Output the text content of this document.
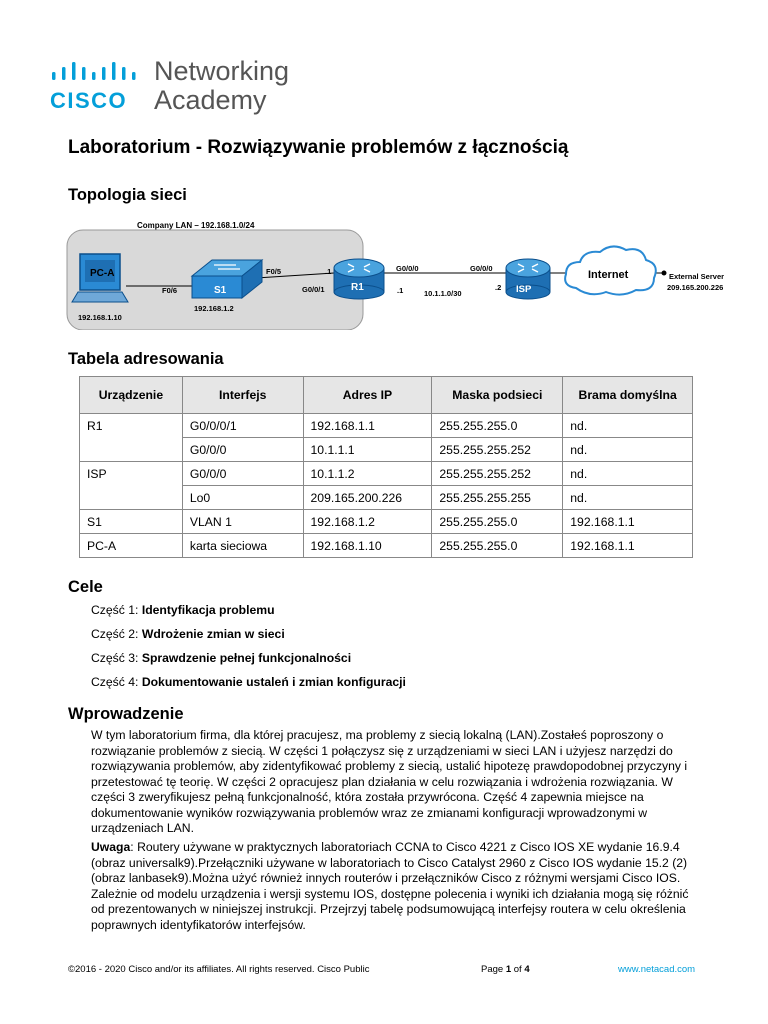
CISCO
Networking
Academy
Laboratorium - Rozwiązywanie problemów z łącznością
Topologia sieci
Company LAN – 192.168.1.0/24
PC-A
192.168.1.10
S1
192.168.1.2
F0/6
F0/5
R1
.1
G0/0/1
G0/0/0
.1	10.1.1.0/30	ISP
G0/0/0
.2
Internet	External Server
209.165.200.226
Tabela adresowania
Urządzenie	Interfejs	Adres IP	Maska podsieci	Brama domyślna
R1	G0/0/0/1	192.168.1.1	255.255.255.0	nd.
	G0/0/0	10.1.1.1	255.255.255.252	nd.
ISP	G0/0/0	10.1.1.2	255.255.255.252	nd.
	Lo0	209.165.200.226	255.255.255.255	nd.
S1	VLAN 1	192.168.1.2	255.255.255.0	192.168.1.1
PC-A	karta sieciowa	192.168.1.10	255.255.255.0	192.168.1.1
Cele
Część 1: Identyfikacja problemu
Część 2: Wdrożenie zmian w sieci
Część 3: Sprawdzenie pełnej funkcjonalności
Część 4: Dokumentowanie ustaleń i zmian konfiguracji
Wprowadzenie

W tym laboratorium firma, dla której pracujesz, ma problemy z siecią lokalną (LAN).Zostałeś poproszony o rozwiązanie problemów z siecią. W części 1 połączysz się z urządzeniami w sieci LAN i użyjesz narzędzi do rozwiązywania problemów, aby zidentyfikować problemy z siecią, ustalić hipotezę prawdopodobnej przyczyny i przetestować tę teorię. W części 2 opracujesz plan działania w celu rozwiązania i wdrożenia rozwiązania. W części 3 zweryfikujesz pełną funkcjonalność, która została przywrócona. Część 4 zapewnia miejsce na dokumentowanie wyników rozwiązywania problemów wraz ze zmianami konfiguracji wprowadzonymi w urządzeniach LAN.

Uwaga: Routery używane w praktycznych laboratoriach CCNA to Cisco 4221 z Cisco IOS XE wydanie 16.9.4 (obraz universalk9).Przełączniki używane w laboratoriach to Cisco Catalyst 2960 z Cisco IOS wydanie 15.2 (2) (obraz lanbasek9).Można użyć również innych routerów i przełączników Cisco z różnymi wersjami Cisco IOS. Zależnie od modelu urządzenia i wersji systemu IOS, dostępne polecenia i wyniki ich działania mogą się różnić od prezentowanych w niniejszej instrukcji. Przejrzyj tabelę podsumowującą interfejsy routera w celu określenia poprawnych identyfikatorów interfejsów.

©2016 - 2020 Cisco and/or its affiliates. All rights reserved. Cisco Public	Page 1 of 4	www.netacad.com
